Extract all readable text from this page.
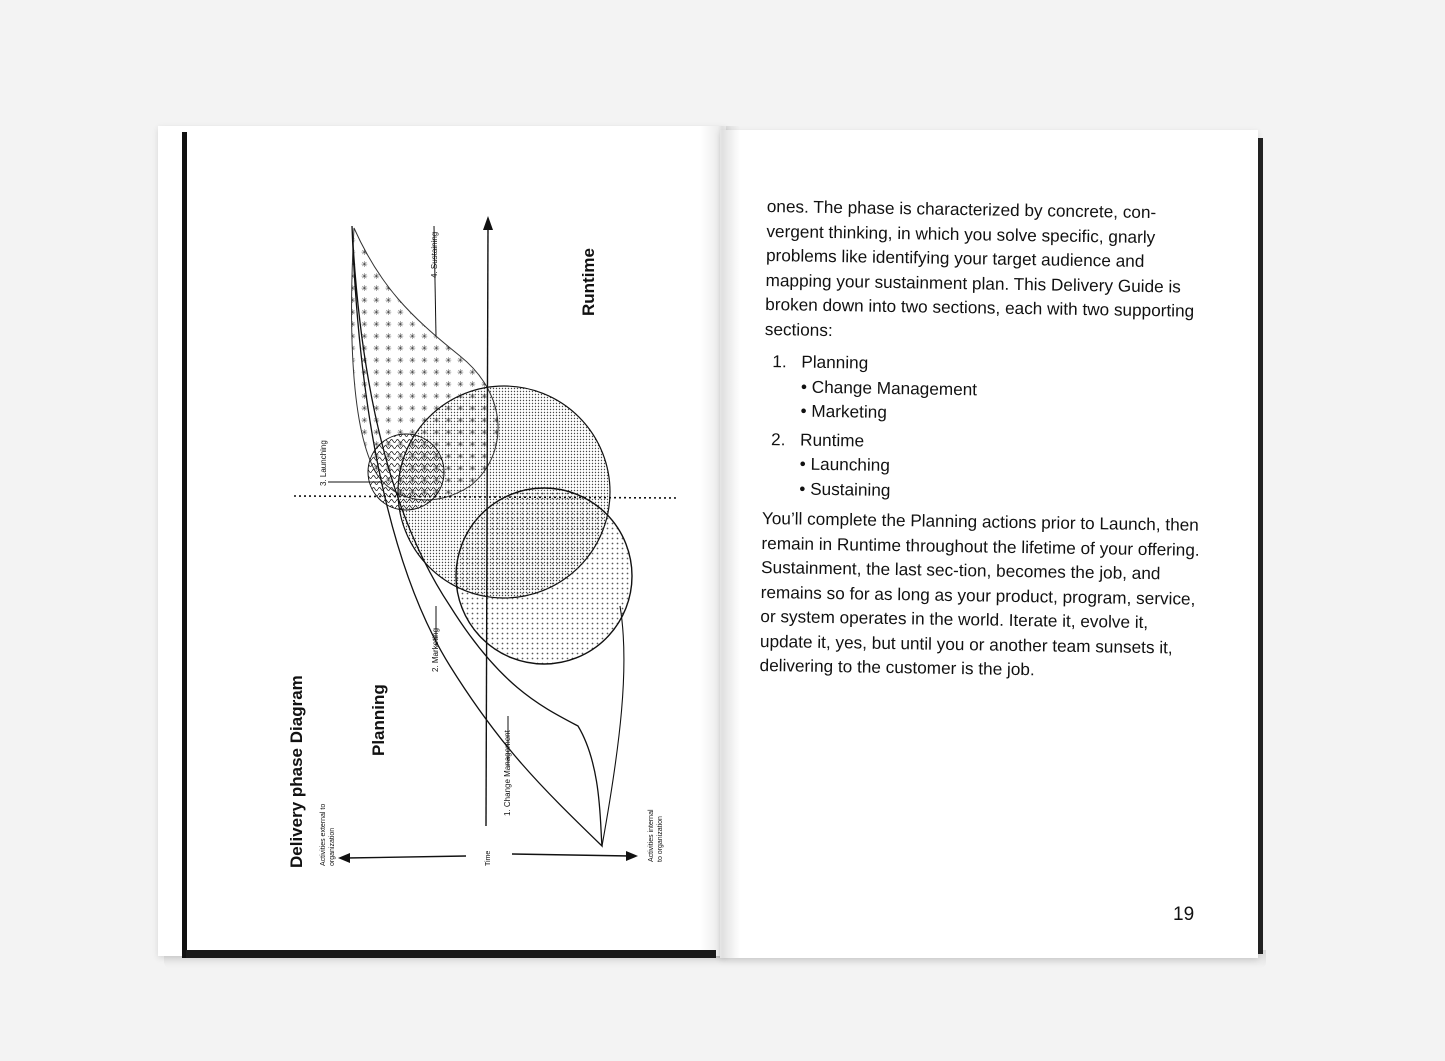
Delivery phase Diagram	Planning
Runtime
Time
Activities external to organization	Activities internal to organization
1. Change Management
2. Marketing
3. Launching
4. Sustaining

ones. The phase is characterized by concrete, con-vergent thinking, in which you solve specific, gnarly problems like identifying your target audience and mapping your sustainment plan. This Delivery Guide is broken down into two sections, each with two supporting sections:

1. Planning
• Change Management
• Marketing
2. Runtime
• Launching
• Sustaining

You’ll complete the Planning actions prior to Launch, then remain in Runtime throughout the lifetime of your offering. Sustainment, the last sec-tion, becomes the job, and remains so for as long as your product, program, service, or system operates in the world. Iterate it, evolve it, update it, yes, but until you or another team sunsets it, delivering to the customer is the job.

19
